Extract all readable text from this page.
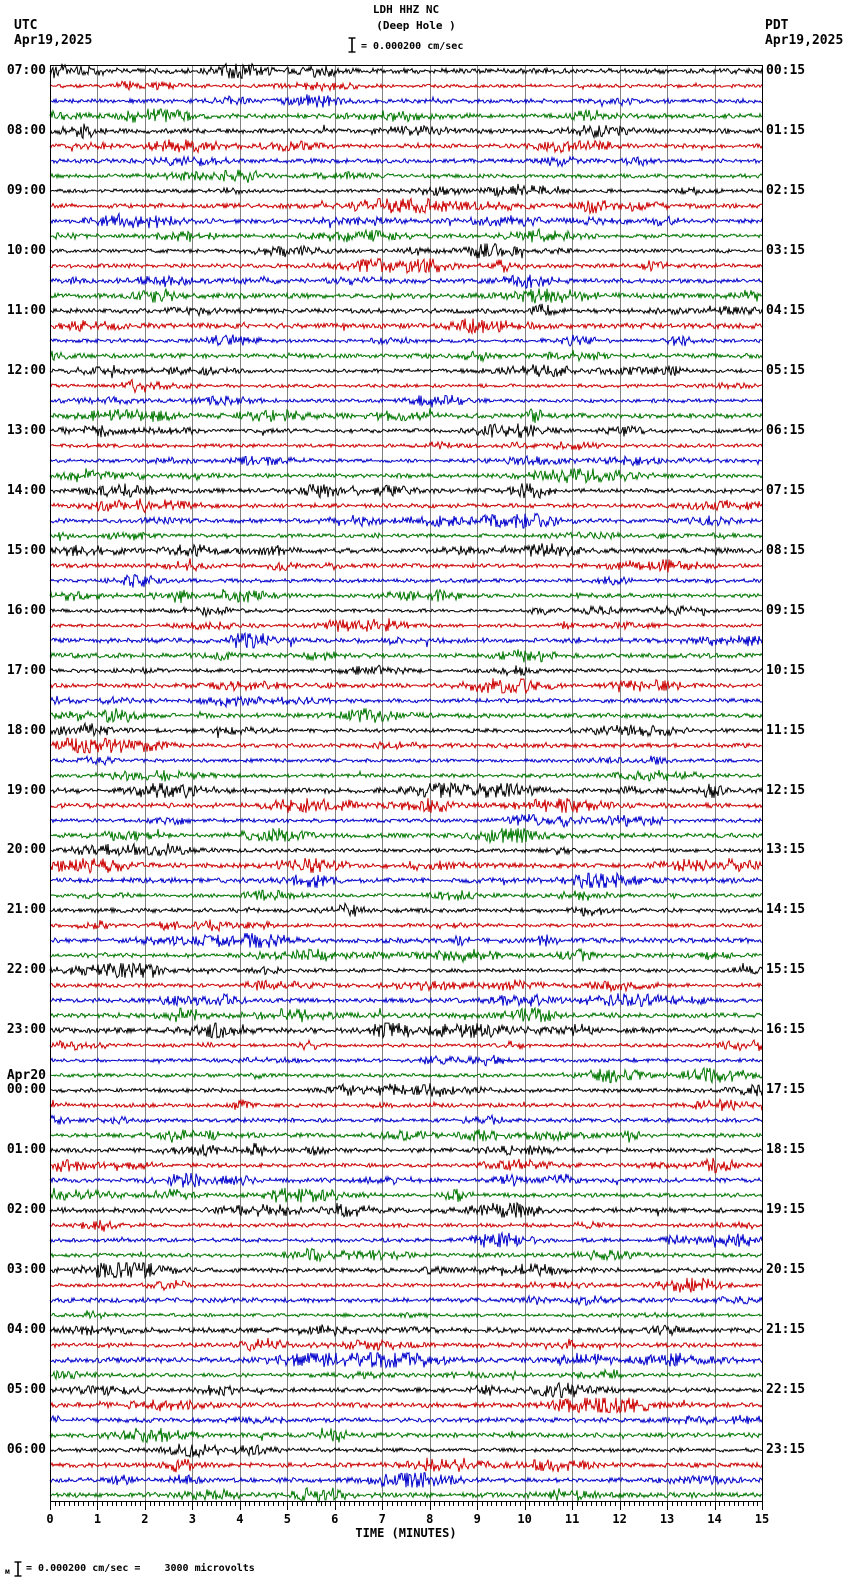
LDH HHZ NC
(Deep Hole )
= 0.000200 cm/sec
UTC
Apr19,2025
PDT
Apr19,2025
Apr20
TIME (MINUTES)
07:00
08:00
09:00
10:00
11:00
12:00
13:00
14:00
15:00
16:00
17:00
18:00
19:00
20:00
21:00
22:00
23:00
00:00
01:00
02:00
03:00
04:00
05:00
06:00
00:15
01:15
02:15
03:15
04:15
05:15
06:15
07:15
08:15
09:15
10:15
11:15
12:15
13:15
14:15
15:15
16:15
17:15
18:15
19:15
20:15
21:15
22:15
23:15
0	1	2	3	4	5	6	7	8	9	10	11	12	13	14	15
м = 0.000200 cm/sec =    3000 microvolts
